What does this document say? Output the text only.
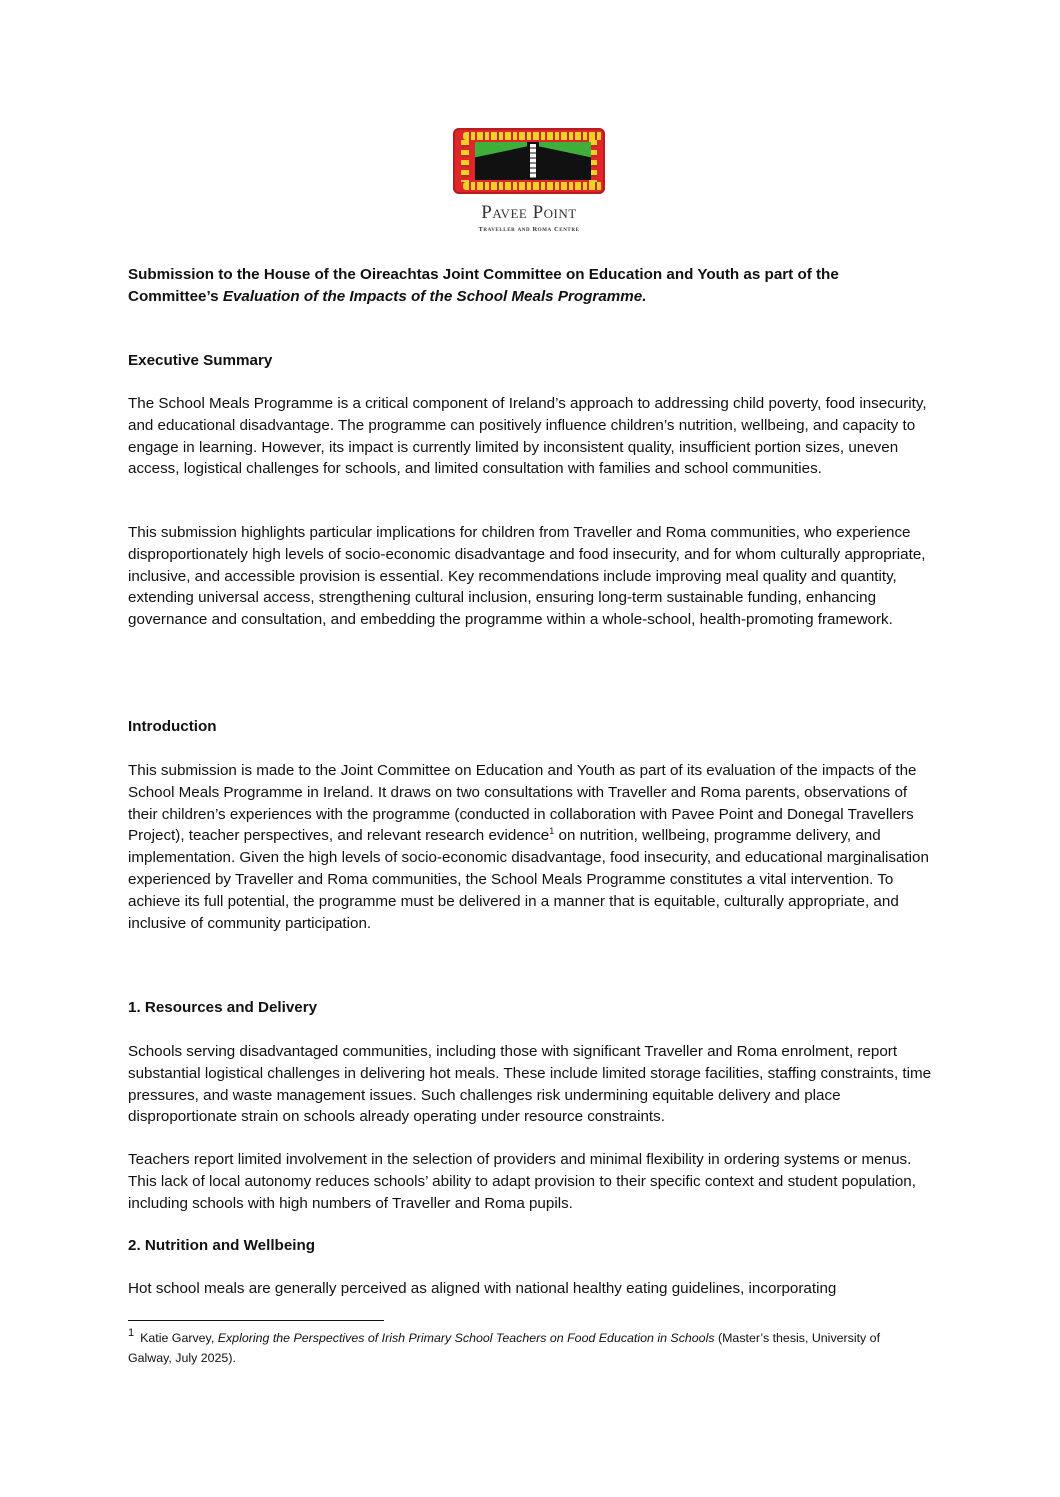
Pavee Point
Traveller and Roma Centre
Submission to the House of the Oireachtas Joint Committee on Education and Youth as part of the
Committee’s Evaluation of the Impacts of the School Meals Programme.
Executive Summary
The School Meals Programme is a critical component of Ireland’s approach to addressing child poverty, food insecurity, and educational disadvantage. The programme can positively influence children’s nutrition, wellbeing, and capacity to engage in learning. However, its impact is currently limited by inconsistent quality, insufficient portion sizes, uneven access, logistical challenges for schools, and limited consultation with families and school communities.
This submission highlights particular implications for children from Traveller and Roma communities, who experience disproportionately high levels of socio-economic disadvantage and food insecurity, and for whom culturally appropriate, inclusive, and accessible provision is essential. Key recommendations include improving meal quality and quantity, extending universal access, strengthening cultural inclusion, ensuring long-term sustainable funding, enhancing governance and consultation, and embedding the programme within a whole-school, health-promoting framework.
Introduction
This submission is made to the Joint Committee on Education and Youth as part of its evaluation of the impacts of the School Meals Programme in Ireland. It draws on two consultations with Traveller and Roma parents, observations of their children’s experiences with the programme (conducted in collaboration with Pavee Point and Donegal Travellers Project), teacher perspectives, and relevant research evidence$^1$ on nutrition, wellbeing, programme delivery, and implementation. Given the high levels of socio-economic disadvantage, food insecurity, and educational marginalisation experienced by Traveller and Roma communities, the School Meals Programme constitutes a vital intervention. To achieve its full potential, the programme must be delivered in a manner that is equitable, culturally appropriate, and inclusive of community participation.
1. Resources and Delivery
Schools serving disadvantaged communities, including those with significant Traveller and Roma enrolment, report substantial logistical challenges in delivering hot meals. These include limited storage facilities, staffing constraints, time pressures, and waste management issues. Such challenges risk undermining equitable delivery and place disproportionate strain on schools already operating under resource constraints.
Teachers report limited involvement in the selection of providers and minimal flexibility in ordering systems or menus. This lack of local autonomy reduces schools’ ability to adapt provision to their specific context and student population, including schools with high numbers of Traveller and Roma pupils.
2. Nutrition and Wellbeing
Hot school meals are generally perceived as aligned with national healthy eating guidelines, incorporating
1 Katie Garvey, Exploring the Perspectives of Irish Primary School Teachers on Food Education in Schools (Master’s thesis, University of Galway, July 2025).
